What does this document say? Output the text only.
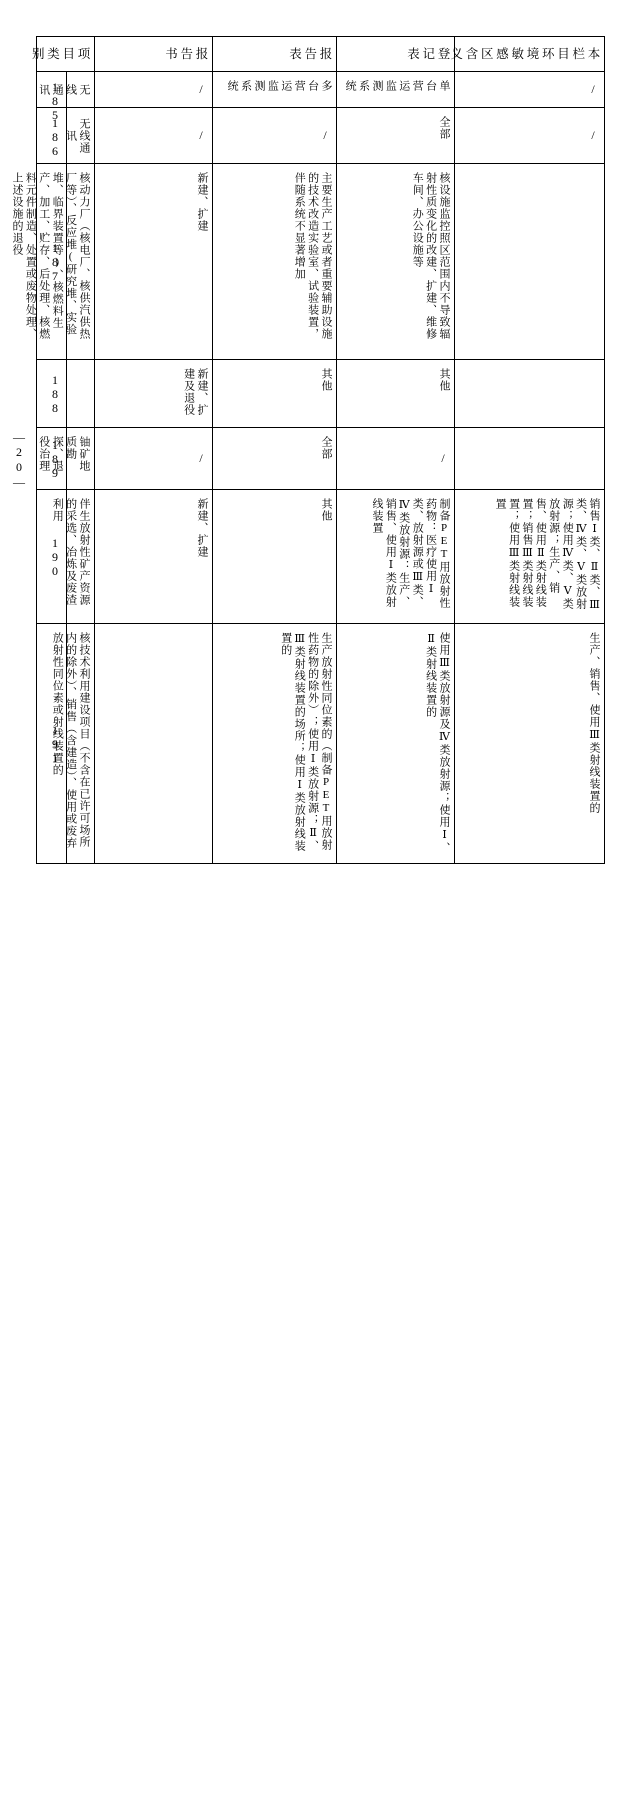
—20—
项目类别		报告书	报告表	登记表	本栏目环境敏感区含义

185	无线通讯	/	多台营运监测系统	单台营运监测系统	/

186	无线通讯	/	/	全部	/

187	核动力厂（核电厂、核供汽供热厂等）、反应堆(研究堆、实验堆、临界装置等)、核燃料生产、加工、贮存、后处理、核燃料元件制造、处置或废物处理、上述设施的退役	新建、扩建	主要生产工艺或者重要辅助设施的技术改造实验室、试验装置，伴随系统不显著增加	核设施监控照区范围内不导致辐射性质变化的改建、扩建、维修车间、办公设施等	

188		新建、扩建及退役	其他	其他	

189	铀矿地质勘探、退役治理	/	全部	/	

190	伴生放射性矿产资源的采选、冶炼及废渣利用	新建、扩建	其他	制备PET用放射性药物：医疗使用Ⅰ类、放射源或Ⅲ类、Ⅳ类放射源：生产、销售、使用Ⅰ类放射线装置	销售Ⅰ类、Ⅱ类、Ⅲ类、Ⅳ类、Ⅴ类放射源；使用Ⅳ类、Ⅴ类放射源；生产、销售、使用Ⅱ类射线装置；销售Ⅲ类射线装置；使用Ⅲ类射线装置

191	核技术利用建设项目（不含在已许可场所内的除外）、销售（含建造）、使用或废弃放射性同位素或射线装置的		生产放射性同位素的（制备PET用放射性药物的除外）；使用Ⅰ类放射源；Ⅱ、Ⅲ类射线装置的场所；使用Ⅰ类放射线装置的	使用Ⅲ类放射源及Ⅳ类放射源；使用Ⅰ、Ⅱ类射线装置的	生产、销售、使用Ⅲ类射线装置的
